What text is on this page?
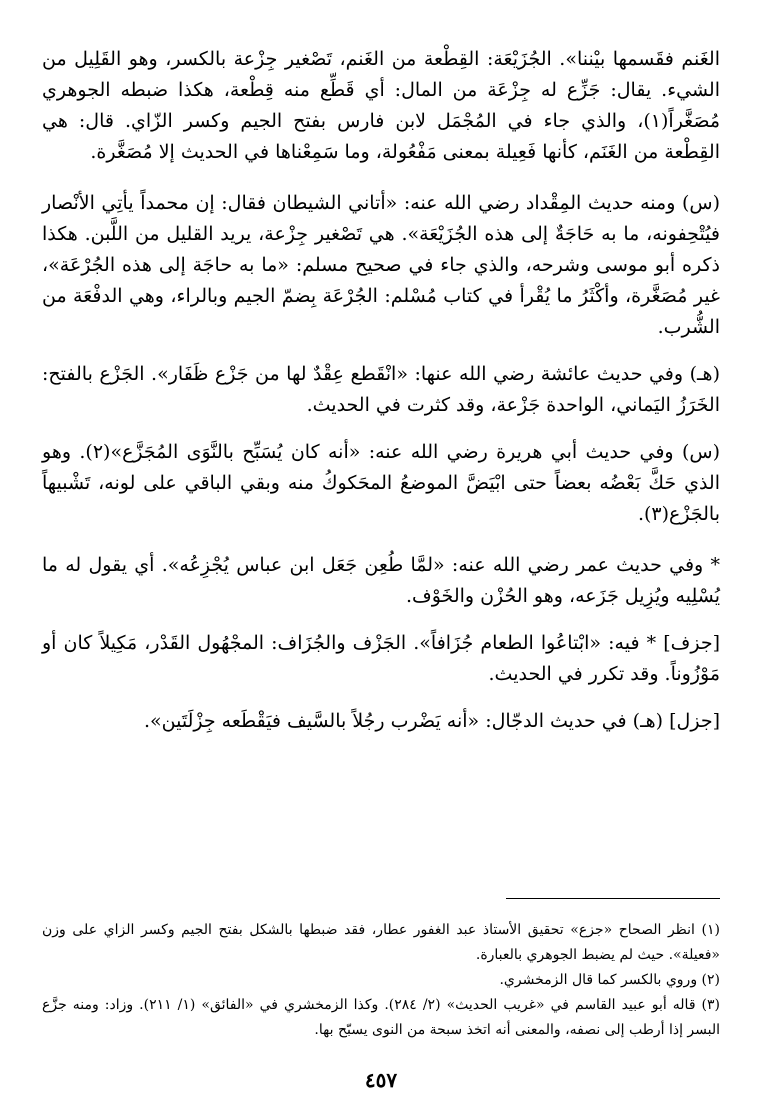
الغَنم فقَسمها بيْننا». الجُزَيْعَة: القِطْعة من الغَنم، تَصْغير جِزْعة بالكسر، وهو القَلِيل من الشيء. يقال: جَزِّع له جِزْعَة من المال: أي قَطِّع منه قِطْعة، هكذا ضبطه الجوهري مُصَغَّراً(١)، والذي جاء في المُجْمَل لابن فارس بفتح الجيم وكسر الزّاي. قال: هي القِطْعة من الغَنَم، كأنها فَعِيلة بمعنى مَفْعُولة، وما سَمِعْناها في الحديث إلا مُصَغَّرة.

(س) ومنه حديث المِقْداد رضي الله عنه: «أتاني الشيطان فقال: إن محمداً يأتِي الأنْصار فيُتْحِفونه، ما به حَاجَةٌ إلى هذه الجُزَيْعَة». هي تَصْغير جِزْعة، يريد القليل من اللَّبن. هكذا ذكره أبو موسى وشرحه، والذي جاء في صحيح مسلم: «ما به حاجَة إلى هذه الجُرْعَة»، غير مُصَغَّرة، وأكْثَرُ ما يُقْرأ في كتاب مُسْلم: الجُرْعَة بِضمّ الجيم وبالراء، وهي الدفْعَة من الشُّرب.

(هـ) وفي حديث عائشة رضي الله عنها: «انْقَطع عِقْدٌ لها من جَزْع ظَفَار». الجَزْع بالفتح: الخَرَزُ اليَماني، الواحدة جَزْعة، وقد كثرت في الحديث.

(س) وفي حديث أبي هريرة رضي الله عنه: «أنه كان يُسَبِّح بالنَّوَى المُجَزَّع»(٢). وهو الذي حَكَّ بَعْضُه بعضاً حتى ابْيَضَّ الموضعُ المحَكوكُ منه وبقي الباقي على لونه، تَشْبيهاً بالجَزْع(٣).

* وفي حديث عمر رضي الله عنه: «لمَّا طُعِن جَعَل ابن عباس يُجْزِعُه». أي يقول له ما يُسْلِيه ويُزِيل جَزَعه، وهو الحُزْن والخَوْف.

[جزف] * فيه: «ابْتاعُوا الطعام جُزَافاً». الجَزْف والجُزَاف: المجْهُول القَدْر، مَكِيلاً كان أو مَوْزُوناً. وقد تكرر في الحديث.

[جزل] (هـ) في حديث الدجّال: «أنه يَضْرب رجُلاً بالسَّيف فيَقْطَعه جِزْلَتَين».

(١) انظر الصحاح «جزع» تحقيق الأستاذ عبد الغفور عطار، فقد ضبطها بالشكل بفتح الجيم وكسر الزاي على وزن «فعيلة». حيث لم يضبط الجوهري بالعبارة.

(٢) وروي بالكسر كما قال الزمخشري.

(٣) قاله أبو عبيد القاسم في «غريب الحديث» (٢/ ٢٨٤). وكذا الزمخشري في «الفائق» (١/ ٢١١). وزاد: ومنه جزَّع البسر إذا أرطب إلى نصفه، والمعنى أنه اتخذ سبحة من النوى يسبّح بها.

٤٥٧
